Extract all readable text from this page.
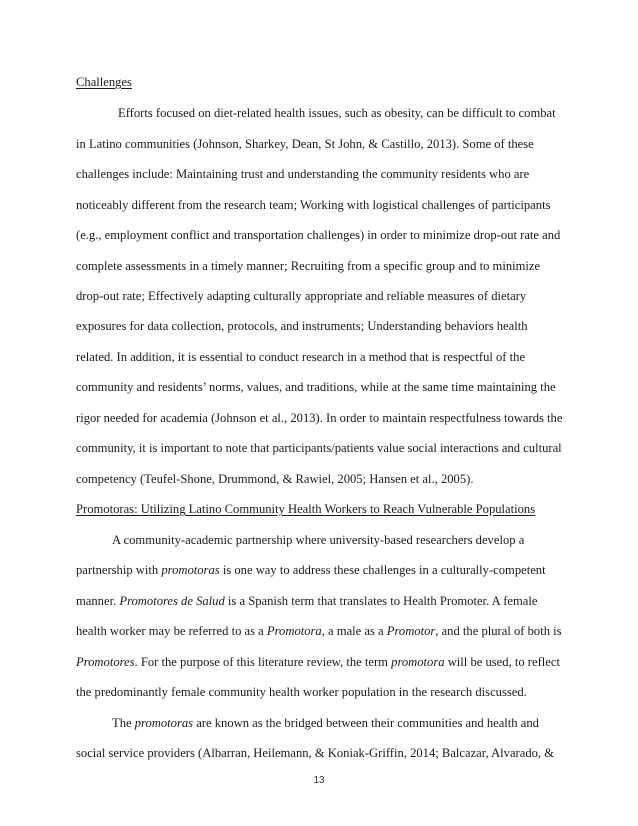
Challenges
Efforts focused on diet-related health issues, such as obesity, can be difficult to combat
in Latino communities (Johnson, Sharkey, Dean, St John, & Castillo, 2013). Some of these
challenges include: Maintaining trust and understanding the community residents who are
noticeably different from the research team; Working with logistical challenges of participants
(e.g., employment conflict and transportation challenges) in order to minimize drop-out rate and
complete assessments in a timely manner; Recruiting from a specific group and to minimize
drop-out rate; Effectively adapting culturally appropriate and reliable measures of dietary
exposures for data collection, protocols, and instruments; Understanding behaviors health
related. In addition, it is essential to conduct research in a method that is respectful of the
community and residents’ norms, values, and traditions, while at the same time maintaining the
rigor needed for academia (Johnson et al., 2013). In order to maintain respectfulness towards the
community, it is important to note that participants/patients value social interactions and cultural
competency (Teufel-Shone, Drummond, & Rawiel, 2005; Hansen et al., 2005).
Promotoras: Utilizing Latino Community Health Workers to Reach Vulnerable Populations
A community-academic partnership where university-based researchers develop a
partnership with promotoras is one way to address these challenges in a culturally-competent
manner. Promotores de Salud is a Spanish term that translates to Health Promoter. A female
health worker may be referred to as a Promotora, a male as a Promotor, and the plural of both is
Promotores. For the purpose of this literature review, the term promotora will be used, to reflect
the predominantly female community health worker population in the research discussed.
The promotoras are known as the bridged between their communities and health and
social service providers (Albarran, Heilemann, & Koniak-Griffin, 2014; Balcazar, Alvarado, &
13
